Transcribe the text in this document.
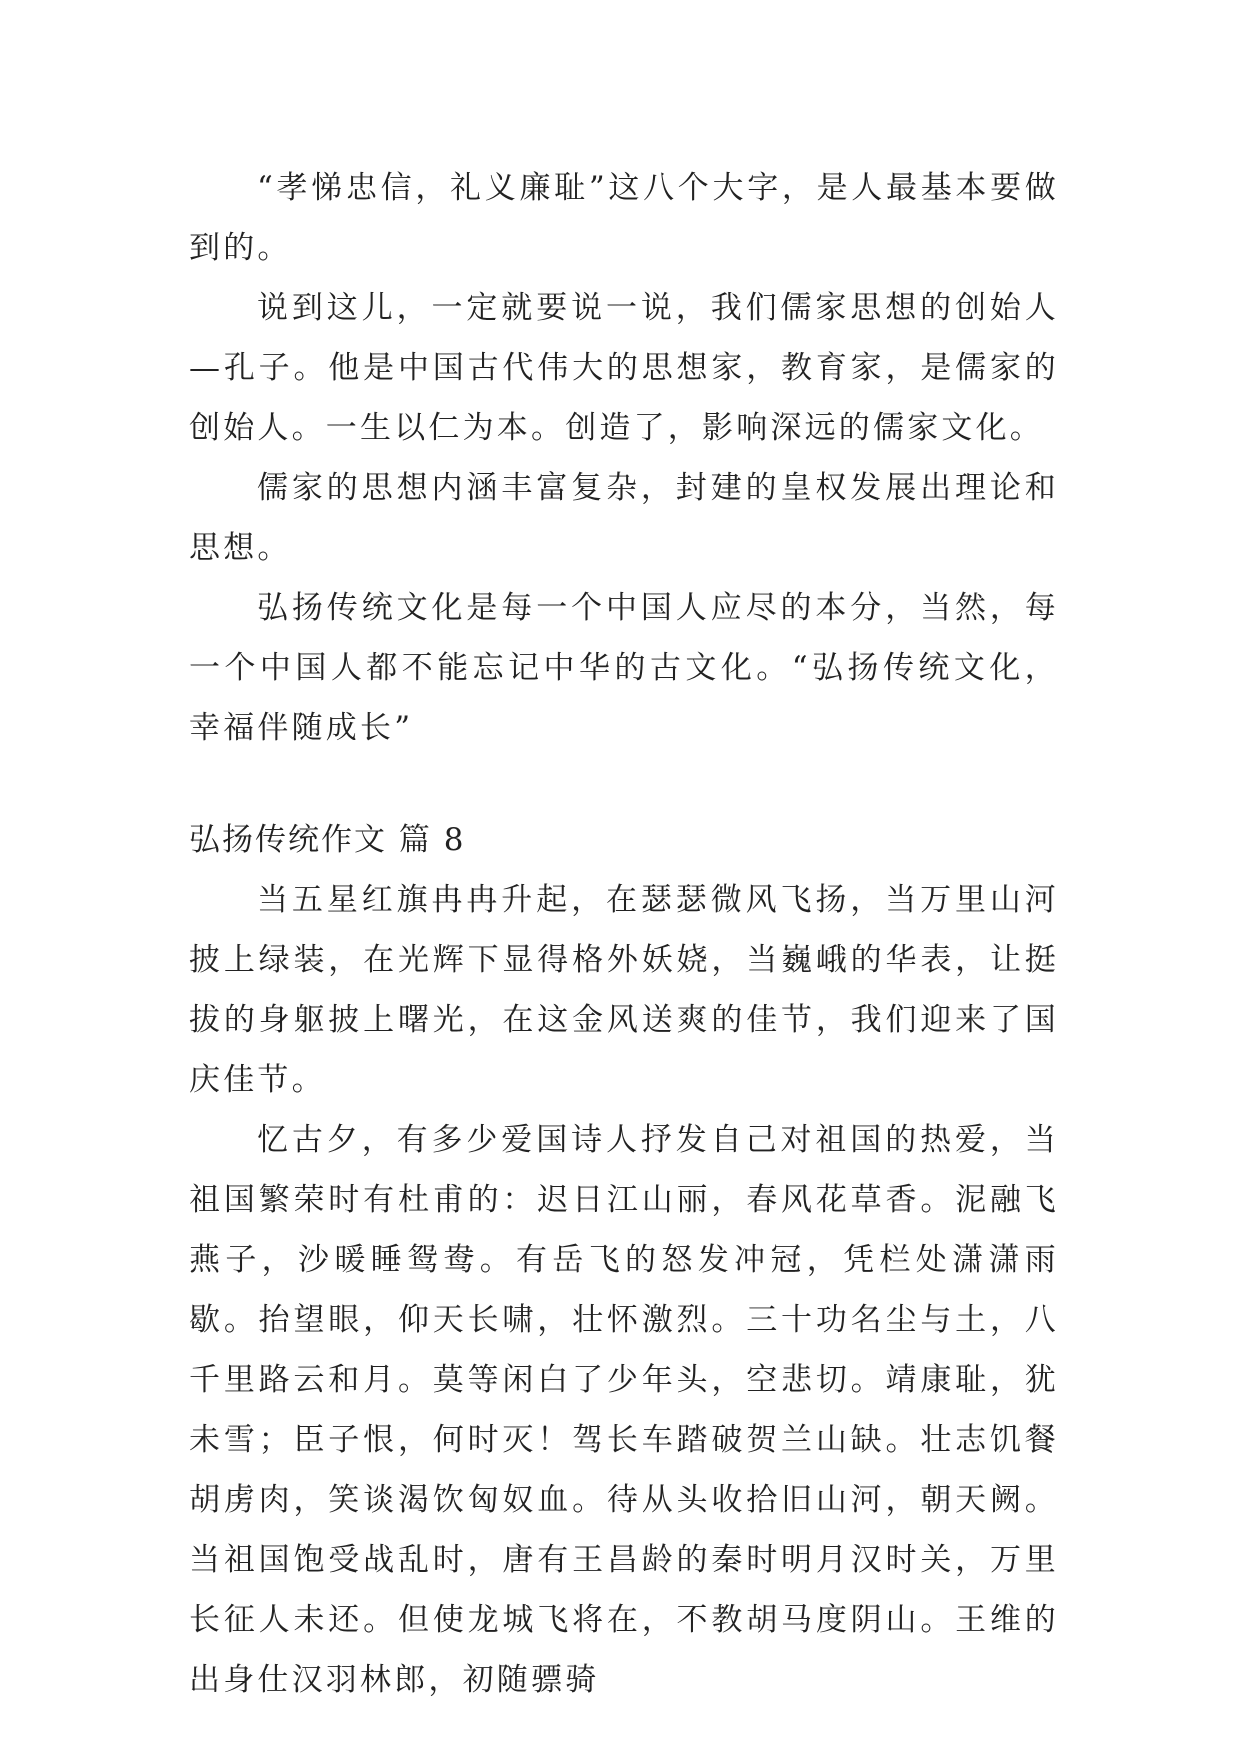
“孝悌忠信，礼义廉耻”这八个大字，是人最基本要做到的。

说到这儿，一定就要说一说，我们儒家思想的创始人—孔子。他是中国古代伟大的思想家，教育家，是儒家的创始人。一生以仁为本。创造了，影响深远的儒家文化。

儒家的思想内涵丰富复杂，封建的皇权发展出理论和思想。

弘扬传统文化是每一个中国人应尽的本分，当然，每一个中国人都不能忘记中华的古文化。“弘扬传统文化，幸福伴随成长”

弘扬传统作文 篇 8

当五星红旗冉冉升起，在瑟瑟微风飞扬，当万里山河披上绿装，在光辉下显得格外妖娆，当巍峨的华表，让挺拔的身躯披上曙光，在这金风送爽的佳节，我们迎来了国庆佳节。

忆古夕，有多少爱国诗人抒发自己对祖国的热爱，当祖国繁荣时有杜甫的：迟日江山丽，春风花草香。泥融飞燕子，沙暖睡鸳鸯。有岳飞的怒发冲冠，凭栏处潇潇雨歇。抬望眼，仰天长啸，壮怀激烈。三十功名尘与土，八千里路云和月。莫等闲白了少年头，空悲切。靖康耻，犹未雪；臣子恨，何时灭！驾长车踏破贺兰山缺。壮志饥餐胡虏肉，笑谈渴饮匈奴血。待从头收拾旧山河，朝天阙。当祖国饱受战乱时，唐有王昌龄的秦时明月汉时关，万里长征人未还。但使龙城飞将在，不教胡马度阴山。王维的出身仕汉羽林郎，初随骠骑
